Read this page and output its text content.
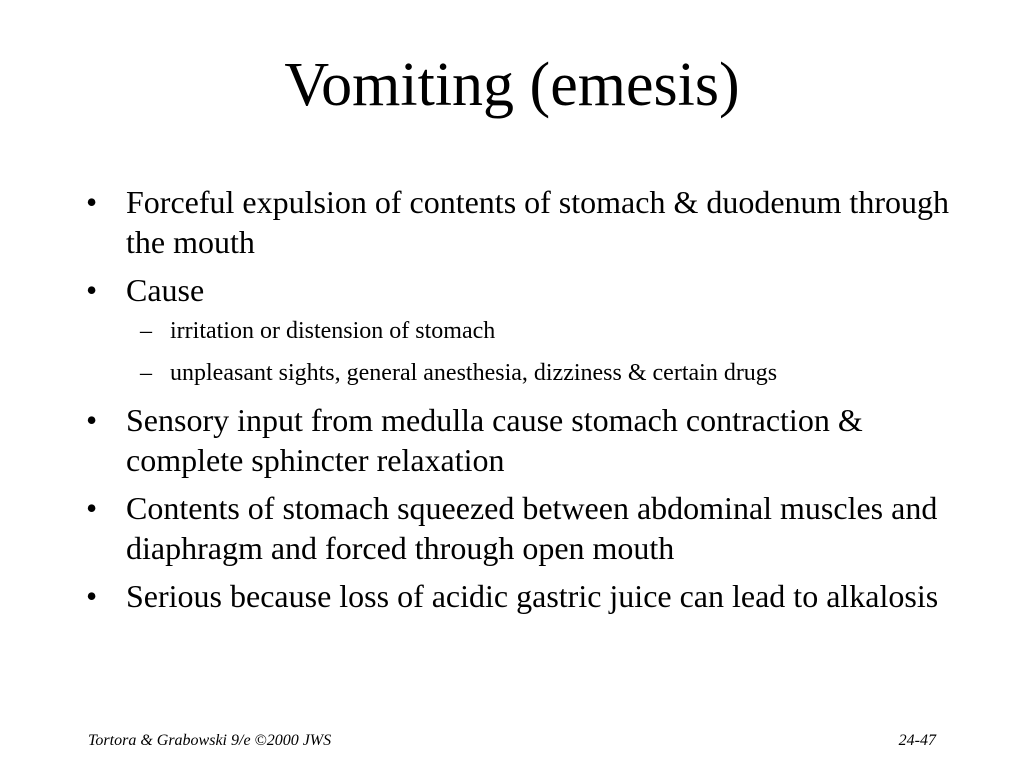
Vomiting (emesis)
• Forceful expulsion of contents of stomach & duodenum through the mouth
• Cause
– irritation or distension of stomach
– unpleasant sights, general anesthesia, dizziness & certain drugs
• Sensory input from medulla cause stomach contraction & complete sphincter relaxation
• Contents of stomach squeezed between abdominal muscles and diaphragm and forced through open mouth
• Serious because loss of acidic gastric juice can lead to alkalosis
Tortora & Grabowski 9/e ©2000 JWS	24-47
